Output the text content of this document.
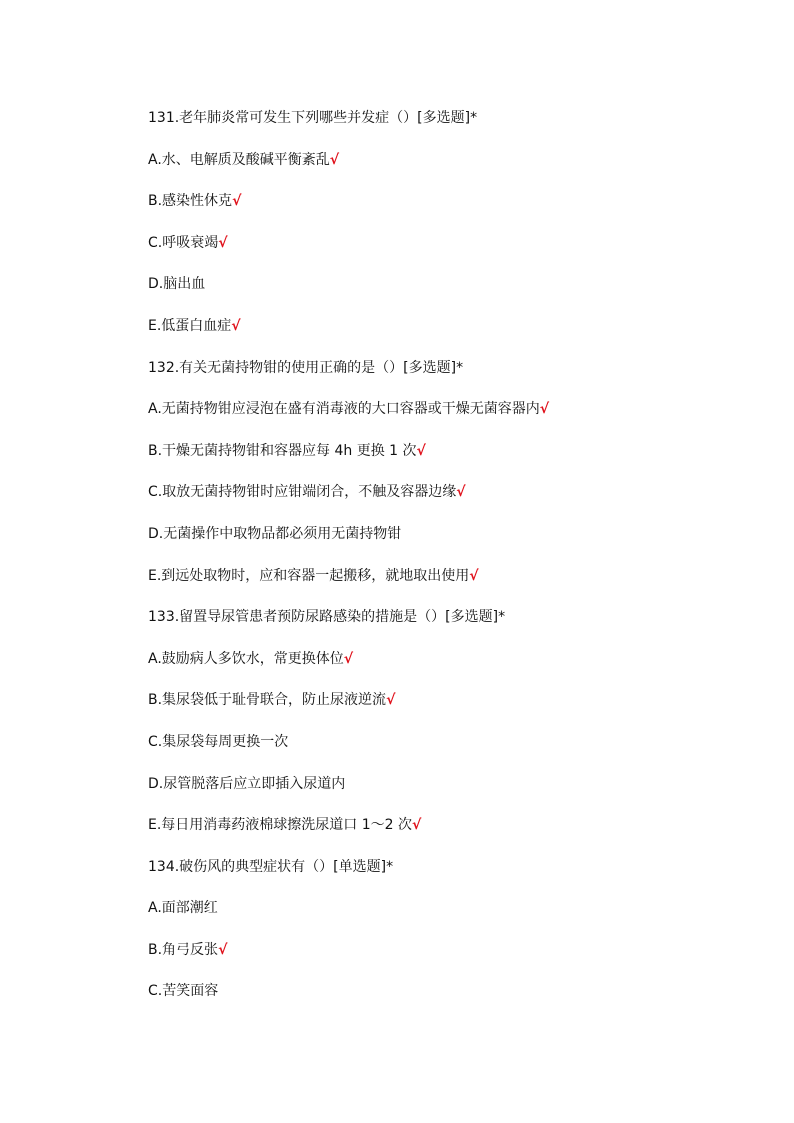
131.老年肺炎常可发生下列哪些并发症（）[多选题]*
A.水、电解质及酸碱平衡紊乱√
B.感染性休克√
C.呼吸衰竭√
D.脑出血
E.低蛋白血症√
132.有关无菌持物钳的使用正确的是（）[多选题]*
A.无菌持物钳应浸泡在盛有消毒液的大口容器或干燥无菌容器内√
B.干燥无菌持物钳和容器应每 4h 更换 1 次√
C.取放无菌持物钳时应钳端闭合，不触及容器边缘√
D.无菌操作中取物品都必须用无菌持物钳
E.到远处取物时，应和容器一起搬移，就地取出使用√
133.留置导尿管患者预防尿路感染的措施是（）[多选题]*
A.鼓励病人多饮水，常更换体位√
B.集尿袋低于耻骨联合，防止尿液逆流√
C.集尿袋每周更换一次
D.尿管脱落后应立即插入尿道内
E.每日用消毒药液棉球擦洗尿道口 1～2 次√
134.破伤风的典型症状有（）[单选题]*
A.面部潮红
B.角弓反张√
C.苦笑面容
